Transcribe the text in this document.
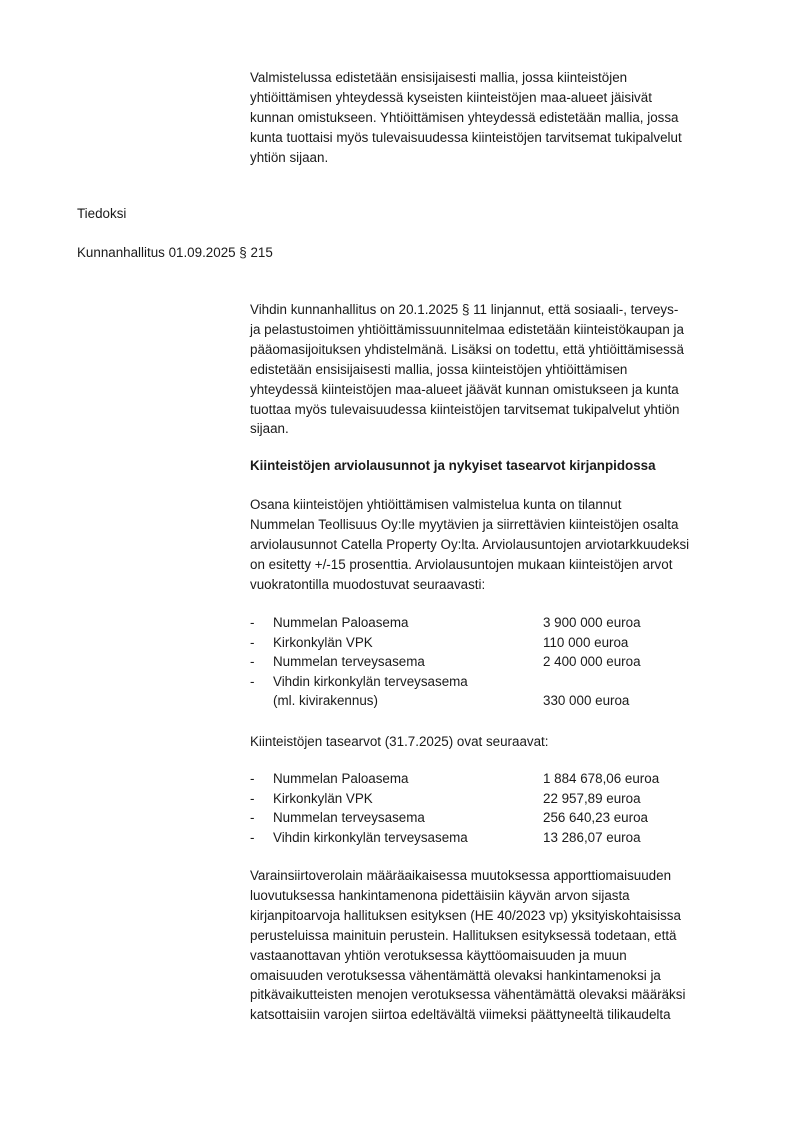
Valmistelussa edistetään ensisijaisesti mallia, jossa kiinteistöjen

yhtiöittämisen yhteydessä kyseisten kiinteistöjen maa-alueet jäisivät

kunnan omistukseen. Yhtiöittämisen yhteydessä edistetään mallia, jossa

kunta tuottaisi myös tulevaisuudessa kiinteistöjen tarvitsemat tukipalvelut

yhtiön sijaan.

Tiedoksi

Kunnanhallitus 01.09.2025 § 215

Vihdin kunnanhallitus on 20.1.2025 § 11 linjannut, että sosiaali-, terveys-

ja pelastustoimen yhtiöittämissuunnitelmaa edistetään kiinteistökaupan ja

pääomasijoituksen yhdistelmänä. Lisäksi on todettu, että yhtiöittämisessä

edistetään ensisijaisesti mallia, jossa kiinteistöjen yhtiöittämisen

yhteydessä kiinteistöjen maa-alueet jäävät kunnan omistukseen ja kunta

tuottaa myös tulevaisuudessa kiinteistöjen tarvitsemat tukipalvelut yhtiön

sijaan.

Kiinteistöjen arviolausunnot ja nykyiset tasearvot kirjanpidossa

Osana kiinteistöjen yhtiöittämisen valmistelua kunta on tilannut

Nummelan Teollisuus Oy:lle myytävien ja siirrettävien kiinteistöjen osalta

arviolausunnot Catella Property Oy:lta. Arviolausuntojen arviotarkkuudeksi

on esitetty +/-15 prosenttia. Arviolausuntojen mukaan kiinteistöjen arvot

vuokratontilla muodostuvat seuraavasti:

- Nummelan Paloasema	3 900 000 euroa
- Kirkonkylän VPK	110 000 euroa
- Nummelan terveysasema	2 400 000 euroa
- Vihdin kirkonkylän terveysasema
(ml. kivirakennus)	330 000 euroa

Kiinteistöjen tasearvot (31.7.2025) ovat seuraavat:

- Nummelan Paloasema	1 884 678,06 euroa
- Kirkonkylän VPK	22 957,89 euroa
- Nummelan terveysasema	256 640,23 euroa
- Vihdin kirkonkylän terveysasema	13 286,07 euroa

Varainsiirtoverolain määräaikaisessa muutoksessa apporttiomaisuuden

luovutuksessa hankintamenona pidettäisiin käyvän arvon sijasta

kirjanpitoarvoja hallituksen esityksen (HE 40/2023 vp) yksityiskohtaisissa

perusteluissa mainituin perustein. Hallituksen esityksessä todetaan, että

vastaanottavan yhtiön verotuksessa käyttöomaisuuden ja muun

omaisuuden verotuksessa vähentämättä olevaksi hankintamenoksi ja

pitkävaikutteisten menojen verotuksessa vähentämättä olevaksi määräksi

katsottaisiin varojen siirtoa edeltävältä viimeksi päättyneeltä tilikaudelta
